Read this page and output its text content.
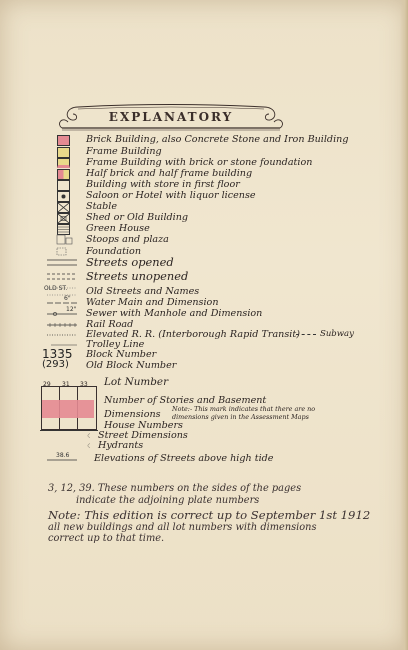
EXPLANATORY
Brick Building, also Concrete Stone and Iron Building
Frame Building
Frame Building with brick or stone foundation
Half brick and half frame building
Building with store in first floor
Saloon or Hotel with liquor license
Stable
Shed or Old Building
Green House
Stoops and plaza
Foundation
Streets opened
Streets unopened
OLD ST. Old Streets and Names
6" Water Main and Dimension
12" Sewer with Manhole and Dimension
Rail Road
Elevated R. R. (Interborough Rapid Transit) Subway
Trolley Line
1335 Block Number
(293) Old Block Number
29 31 33 Lot Number
Number of Stories and Basement
Dimensions
House Numbers
Note:- This mark indicates that there are no dimensions given in the Assessment Maps
Street Dimensions
Hydrants
38.6	Elevations of Streets above high tide
3, 12, 39. These numbers on the sides of the pages
indicate the adjoining plate numbers
Note: This edition is correct up to September 1st 1912
all new buildings and all lot numbers with dimensions
correct up to that time.
